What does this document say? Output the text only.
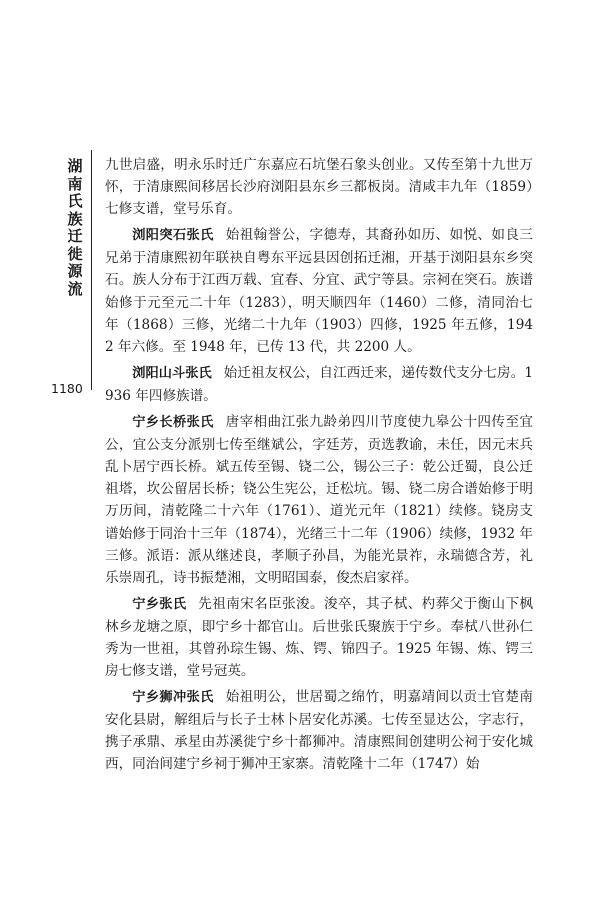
湖南氏族迁徙源流
1180

九世启盛，明永乐时迁广东嘉应石坑堡石象头创业。又传至第十九世万怀，于清康熙间移居长沙府浏阳县东乡三都板岗。清咸丰九年（1859）七修支谱，堂号乐育。

浏阳突石张氏 始祖翰誉公，字德寿，其裔孙如历、如悦、如良三兄弟于清康熙初年联袂自粤东平远县因创拓迁湘，开基于浏阳县东乡突石。族人分布于江西万载、宜春、分宜、武宁等县。宗祠在突石。族谱始修于元至元二十年（1283），明天顺四年（1460）二修，清同治七年（1868）三修，光绪二十九年（1903）四修，1925 年五修，1942 年六修。至 1948 年，已传 13 代，共 2200 人。

浏阳山斗张氏 始迁祖友权公，自江西迁来，递传数代支分七房。1936 年四修族谱。

宁乡长桥张氏 唐宰相曲江张九龄弟四川节度使九皋公十四传至宜公，宜公支分派别七传至继斌公，字廷芳，贡选教谕，未任，因元末兵乱卜居宁西长桥。斌五传至锡、铙二公，锡公三子：乾公迁蜀，良公迁祖塔，坎公留居长桥；铙公生宪公，迁松坑。锡、铙二房合谱始修于明万历间，清乾隆二十六年（1761）、道光元年（1821）续修。铙房支谱始修于同治十三年（1874），光绪三十二年（1906）续修，1932 年三修。派语：派从继述良，孝顺子孙昌，为能光景祚，永瑞德含芳，礼乐崇周孔，诗书振楚湘，文明昭国泰，俊杰启家祥。

宁乡张氏 先祖南宋名臣张浚。浚卒，其子栻、杓葬父于衡山下枫林乡龙塘之原，即宁乡十都官山。后世张氏聚族于宁乡。奉栻八世孙仁秀为一世祖，其曾孙琮生锡、炼、锷、锦四子。1925 年锡、炼、锷三房七修支谱，堂号冠英。

宁乡狮冲张氏 始祖明公，世居蜀之绵竹，明嘉靖间以贡士官楚南安化县尉，解组后与长子士林卜居安化苏溪。七传至显达公，字志行，携子承鼎、承星由苏溪徙宁乡十都狮冲。清康熙间创建明公祠于安化城西，同治间建宁乡祠于狮冲王家寨。清乾隆十二年（1747）始
